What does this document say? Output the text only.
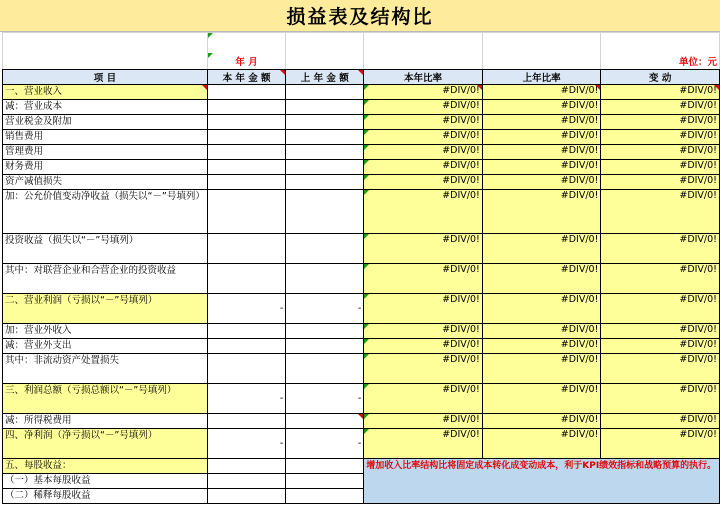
损益表及结构比

	年 月				单位：元
项 目	本 年 金 额	上 年 金 额	本年比率	上年比率	变 动
一、营业收入			#DIV/0!	#DIV/0!	#DIV/0!
减：营业成本			#DIV/0!	#DIV/0!	#DIV/0!
营业税金及附加			#DIV/0!	#DIV/0!	#DIV/0!
销售费用			#DIV/0!	#DIV/0!	#DIV/0!
管理费用			#DIV/0!	#DIV/0!	#DIV/0!
财务费用			#DIV/0!	#DIV/0!	#DIV/0!
资产减值损失			#DIV/0!	#DIV/0!	#DIV/0!
加：公允价值变动净收益（损失以“－”号填列）			#DIV/0!	#DIV/0!	#DIV/0!
投资收益（损失以“－”号填列）			#DIV/0!	#DIV/0!	#DIV/0!
其中：对联营企业和合营企业的投资收益			#DIV/0!	#DIV/0!	#DIV/0!
二、营业利润（亏损以“－”号填列）	-	-	#DIV/0!	#DIV/0!	#DIV/0!
加：营业外收入			#DIV/0!	#DIV/0!	#DIV/0!
减：营业外支出			#DIV/0!	#DIV/0!	#DIV/0!
其中：非流动资产处置损失			#DIV/0!	#DIV/0!	#DIV/0!
三、利润总额（亏损总额以“－”号填列）	-	-	#DIV/0!	#DIV/0!	#DIV/0!
减：所得税费用			#DIV/0!	#DIV/0!	#DIV/0!
四、净利润（净亏损以“－”号填列）	-	-	#DIV/0!	#DIV/0!	#DIV/0!
五、每股收益：			增加收入比率结构比将固定成本转化成变动成本，利于KPI绩效指标和战略预算的执行。		
（一）基本每股收益					
（二）稀释每股收益					
